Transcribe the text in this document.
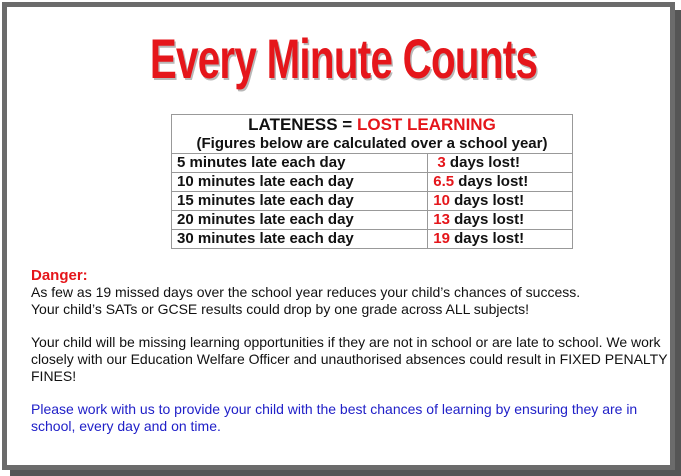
Every Minute Counts
LATENESS = LOST LEARNING	
(Figures below are calculated over a school year)	
5 minutes late each day	3 days lost!
10 minutes late each day	6.5 days lost!
15 minutes late each day	10 days lost!
20 minutes late each day	13 days lost!
30 minutes late each day	19 days lost!
Danger:

As few as 19 missed days over the school year reduces your child’s chances of success.

Your child’s SATs or GCSE results could drop by one grade across ALL subjects!

Your child will be missing learning opportunities if they are not in school or are late to school. We work closely with our Education Welfare Officer and unauthorised absences could result in FIXED PENALTY FINES!

Please work with us to provide your child with the best chances of learning by ensuring they are in school, every day and on time.
